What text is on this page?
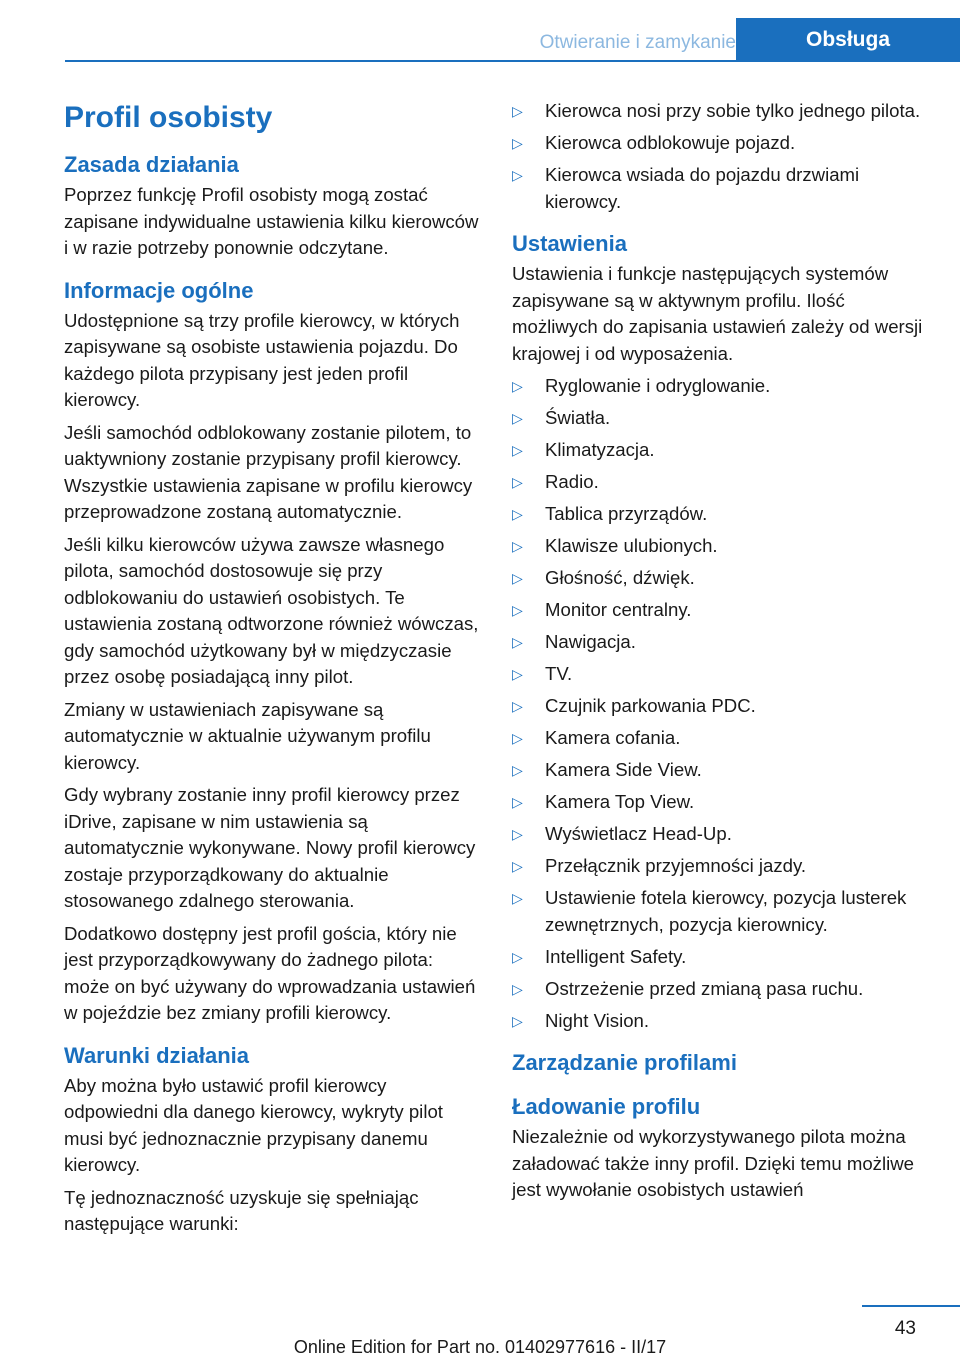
Otwieranie i zamykanie	Obsługa
Profil osobisty
Zasada działania

Poprzez funkcję Profil osobisty mogą zostać zapisane indywidualne ustawienia kilku kierowców i w razie potrzeby ponownie odczytane.

Informacje ogólne

Udostępnione są trzy profile kierowcy, w których zapisywane są osobiste ustawienia pojazdu. Do każdego pilota przypisany jest jeden profil kierowcy.

Jeśli samochód odblokowany zostanie pilotem, to uaktywniony zostanie przypisany profil kierowcy. Wszystkie ustawienia zapisane w profilu kierowcy przeprowadzone zostaną automatycznie.

Jeśli kilku kierowców używa zawsze własnego pilota, samochód dostosowuje się przy odblokowaniu do ustawień osobistych. Te ustawienia zostaną odtworzone również wówczas, gdy samochód użytkowany był w międzyczasie przez osobę posiadającą inny pilot.

Zmiany w ustawieniach zapisywane są automatycznie w aktualnie używanym profilu kierowcy.

Gdy wybrany zostanie inny profil kierowcy przez iDrive, zapisane w nim ustawienia są automatycznie wykonywane. Nowy profil kierowcy zostaje przyporządkowany do aktualnie stosowanego zdalnego sterowania.

Dodatkowo dostępny jest profil gościa, który nie jest przyporządkowywany do żadnego pilota: może on być używany do wprowadzania ustawień w pojeździe bez zmiany profili kierowcy.

Warunki działania

Aby można było ustawić profil kierowcy odpowiedni dla danego kierowcy, wykryty pilot musi być jednoznacznie przypisany danemu kierowcy.

Tę jednoznaczność uzyskuje się spełniając następujące warunki:

▷ Kierowca nosi przy sobie tylko jednego pilota.
▷ Kierowca odblokowuje pojazd.
▷ Kierowca wsiada do pojazdu drzwiami kierowcy.
Ustawienia

Ustawienia i funkcje następujących systemów zapisywane są w aktywnym profilu. Ilość możliwych do zapisania ustawień zależy od wersji krajowej i od wyposażenia.

▷ Ryglowanie i odryglowanie.
▷ Światła.
▷ Klimatyzacja.
▷ Radio.
▷ Tablica przyrządów.
▷ Klawisze ulubionych.
▷ Głośność, dźwięk.
▷ Monitor centralny.
▷ Nawigacja.
▷ TV.
▷ Czujnik parkowania PDC.
▷ Kamera cofania.
▷ Kamera Side View.
▷ Kamera Top View.
▷ Wyświetlacz Head-Up.
▷ Przełącznik przyjemności jazdy.
▷ Ustawienie fotela kierowcy, pozycja lusterek zewnętrznych, pozycja kierownicy.
▷ Intelligent Safety.
▷ Ostrzeżenie przed zmianą pasa ruchu.
▷ Night Vision.
Zarządzanie profilami
Ładowanie profilu

Niezależnie od wykorzystywanego pilota można załadować także inny profil. Dzięki temu możliwe jest wywołanie osobistych ustawień

43
Online Edition for Part no. 01402977616 - II/17
